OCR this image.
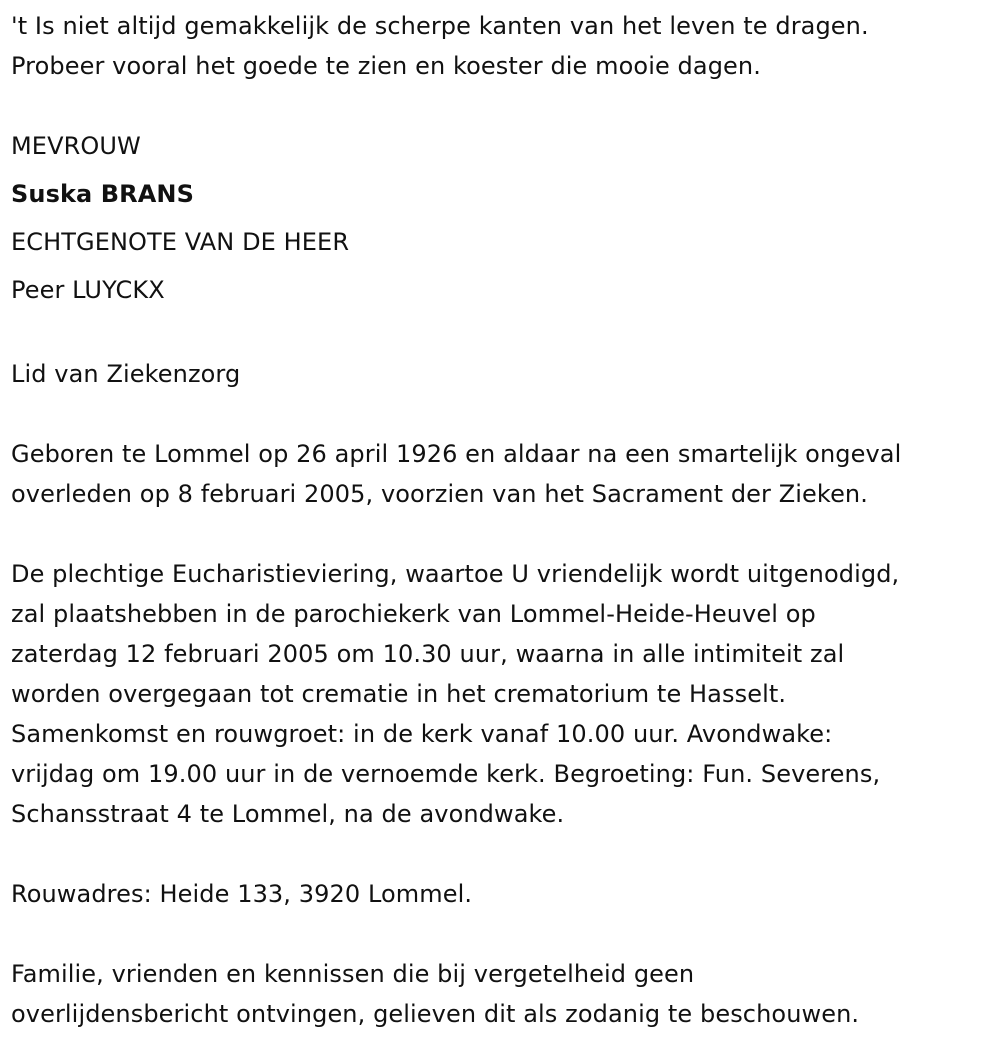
't Is niet altijd gemakkelijk de scherpe kanten van het leven te dragen.
Probeer vooral het goede te zien en koester die mooie dagen.
MEVROUW
Suska BRANS
ECHTGENOTE VAN DE HEER
Peer LUYCKX
Lid van Ziekenzorg
Geboren te Lommel op 26 april 1926 en aldaar na een smartelijk ongeval
overleden op 8 februari 2005, voorzien van het Sacrament der Zieken.
De plechtige Eucharistieviering, waartoe U vriendelijk wordt uitgenodigd,
zal plaatshebben in de parochiekerk van Lommel-Heide-Heuvel op
zaterdag 12 februari 2005 om 10.30 uur, waarna in alle intimiteit zal
worden overgegaan tot crematie in het crematorium te Hasselt.
Samenkomst en rouwgroet: in de kerk vanaf 10.00 uur. Avondwake:
vrijdag om 19.00 uur in de vernoemde kerk. Begroeting: Fun. Severens,
Schansstraat 4 te Lommel, na de avondwake.
Rouwadres: Heide 133, 3920 Lommel.
Familie, vrienden en kennissen die bij vergetelheid geen
overlijdensbericht ontvingen, gelieven dit als zodanig te beschouwen.
